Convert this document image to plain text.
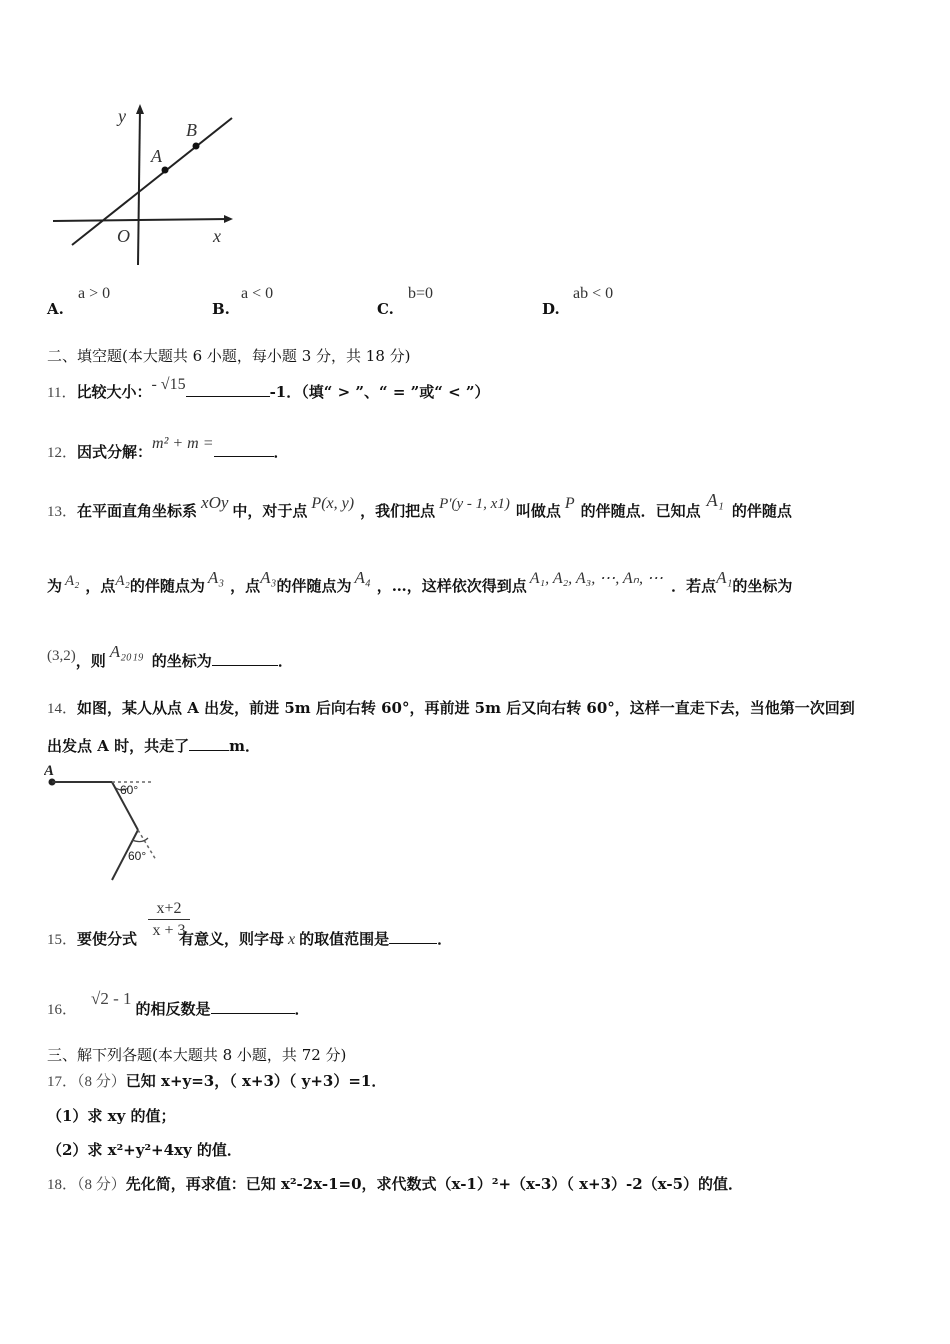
y
x
O
A
B
A.
a > 0
B.
a < 0
C.
b=0
D.
ab < 0
二、填空题(本大题共 6 小题，每小题 3 分，共 18 分)
11．比较大小：- √15	-1．（填“ > ”、“ = ”或“ < ”）
12．因式分解：m² + m =	．
13．在平面直角坐标系 xOy 中，对于点 P(x, y) ，我们把点 P′(y - 1, x1) 叫做点 P 的伴随点．已知点A₁的伴随点
为 A₂ ，点A₂的伴随点为 A₃ ，点A₃的伴随点为 A₄ ，…，这样依次得到点 A₁, A₂, A₃, ⋯, Aₙ, ⋯ ．若点A₁的坐标为
(3,2)，则 A₂₀₁₉ 的坐标为	．
14．如图，某人从点 A 出发，前进 5m 后向右转 60°，再前进 5m 后又向右转 60°，这样一直走下去，当他第一次回到
出发点 A 时，共走了	m．
A
60°
60°
15．要使分式	有意义，则字母 x 的取值范围是	．
$\frac{x+2}{x + 3}$
16．√2 - 1的相反数是	．
三、解下列各题(本大题共 8 小题，共 72 分)
17．（8 分）已知 x+y=3，（ x+3）（ y+3）=1．
（1）求 xy 的值；
（2）求 x²+y²+4xy 的值．
18．（8 分）先化简，再求值：已知 x²-2x-1=0，求代数式（x-1）²+（x-3）（ x+3）-2（x-5）的值．
